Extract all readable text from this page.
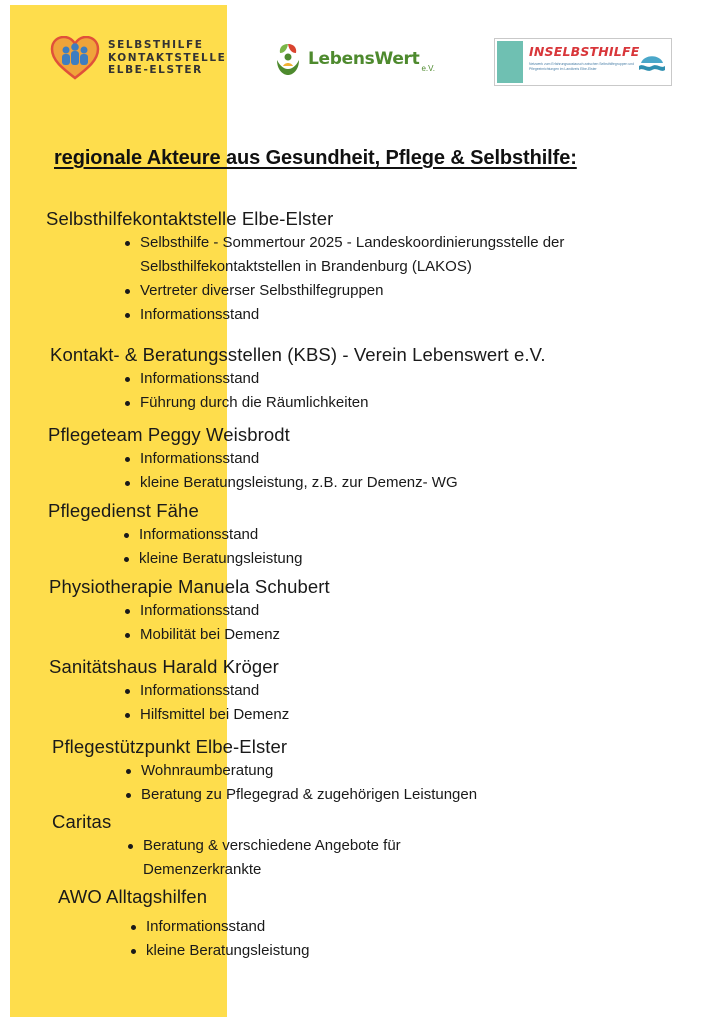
SELBSTHILFE
KONTAKTSTELLE
ELBE-ELSTER
LebensWert e.V.
INSELBSTHILFE
Netzwerk zum Erfahrungsaustausch zwischen Selbsthilfegruppen und Pflegeeinrichtungen im Landkreis Elbe-Elster
regionale Akteure aus Gesundheit, Pflege & Selbsthilfe:
Selbsthilfekontaktstelle Elbe-Elster
Selbsthilfe - Sommertour 2025 - Landeskoordinierungsstelle der Selbsthilfekontaktstellen in Brandenburg (LAKOS)
Vertreter diverser Selbsthilfegruppen
Informationsstand
Kontakt- & Beratungsstellen (KBS) - Verein Lebenswert e.V.
Informationsstand
Führung durch die Räumlichkeiten
Pflegeteam Peggy Weisbrodt
Informationsstand
kleine Beratungsleistung, z.B. zur Demenz- WG
Pflegedienst Fähe
Informationsstand
kleine Beratungsleistung
Physiotherapie Manuela Schubert
Informationsstand
Mobilität bei Demenz
Sanitätshaus Harald Kröger
Informationsstand
Hilfsmittel bei Demenz
Pflegestützpunkt Elbe-Elster
Wohnraumberatung
Beratung zu Pflegegrad & zugehörigen Leistungen
Caritas
Beratung & verschiedene Angebote für Demenzerkrankte
AWO Alltagshilfen
Informationsstand
kleine Beratungsleistung
